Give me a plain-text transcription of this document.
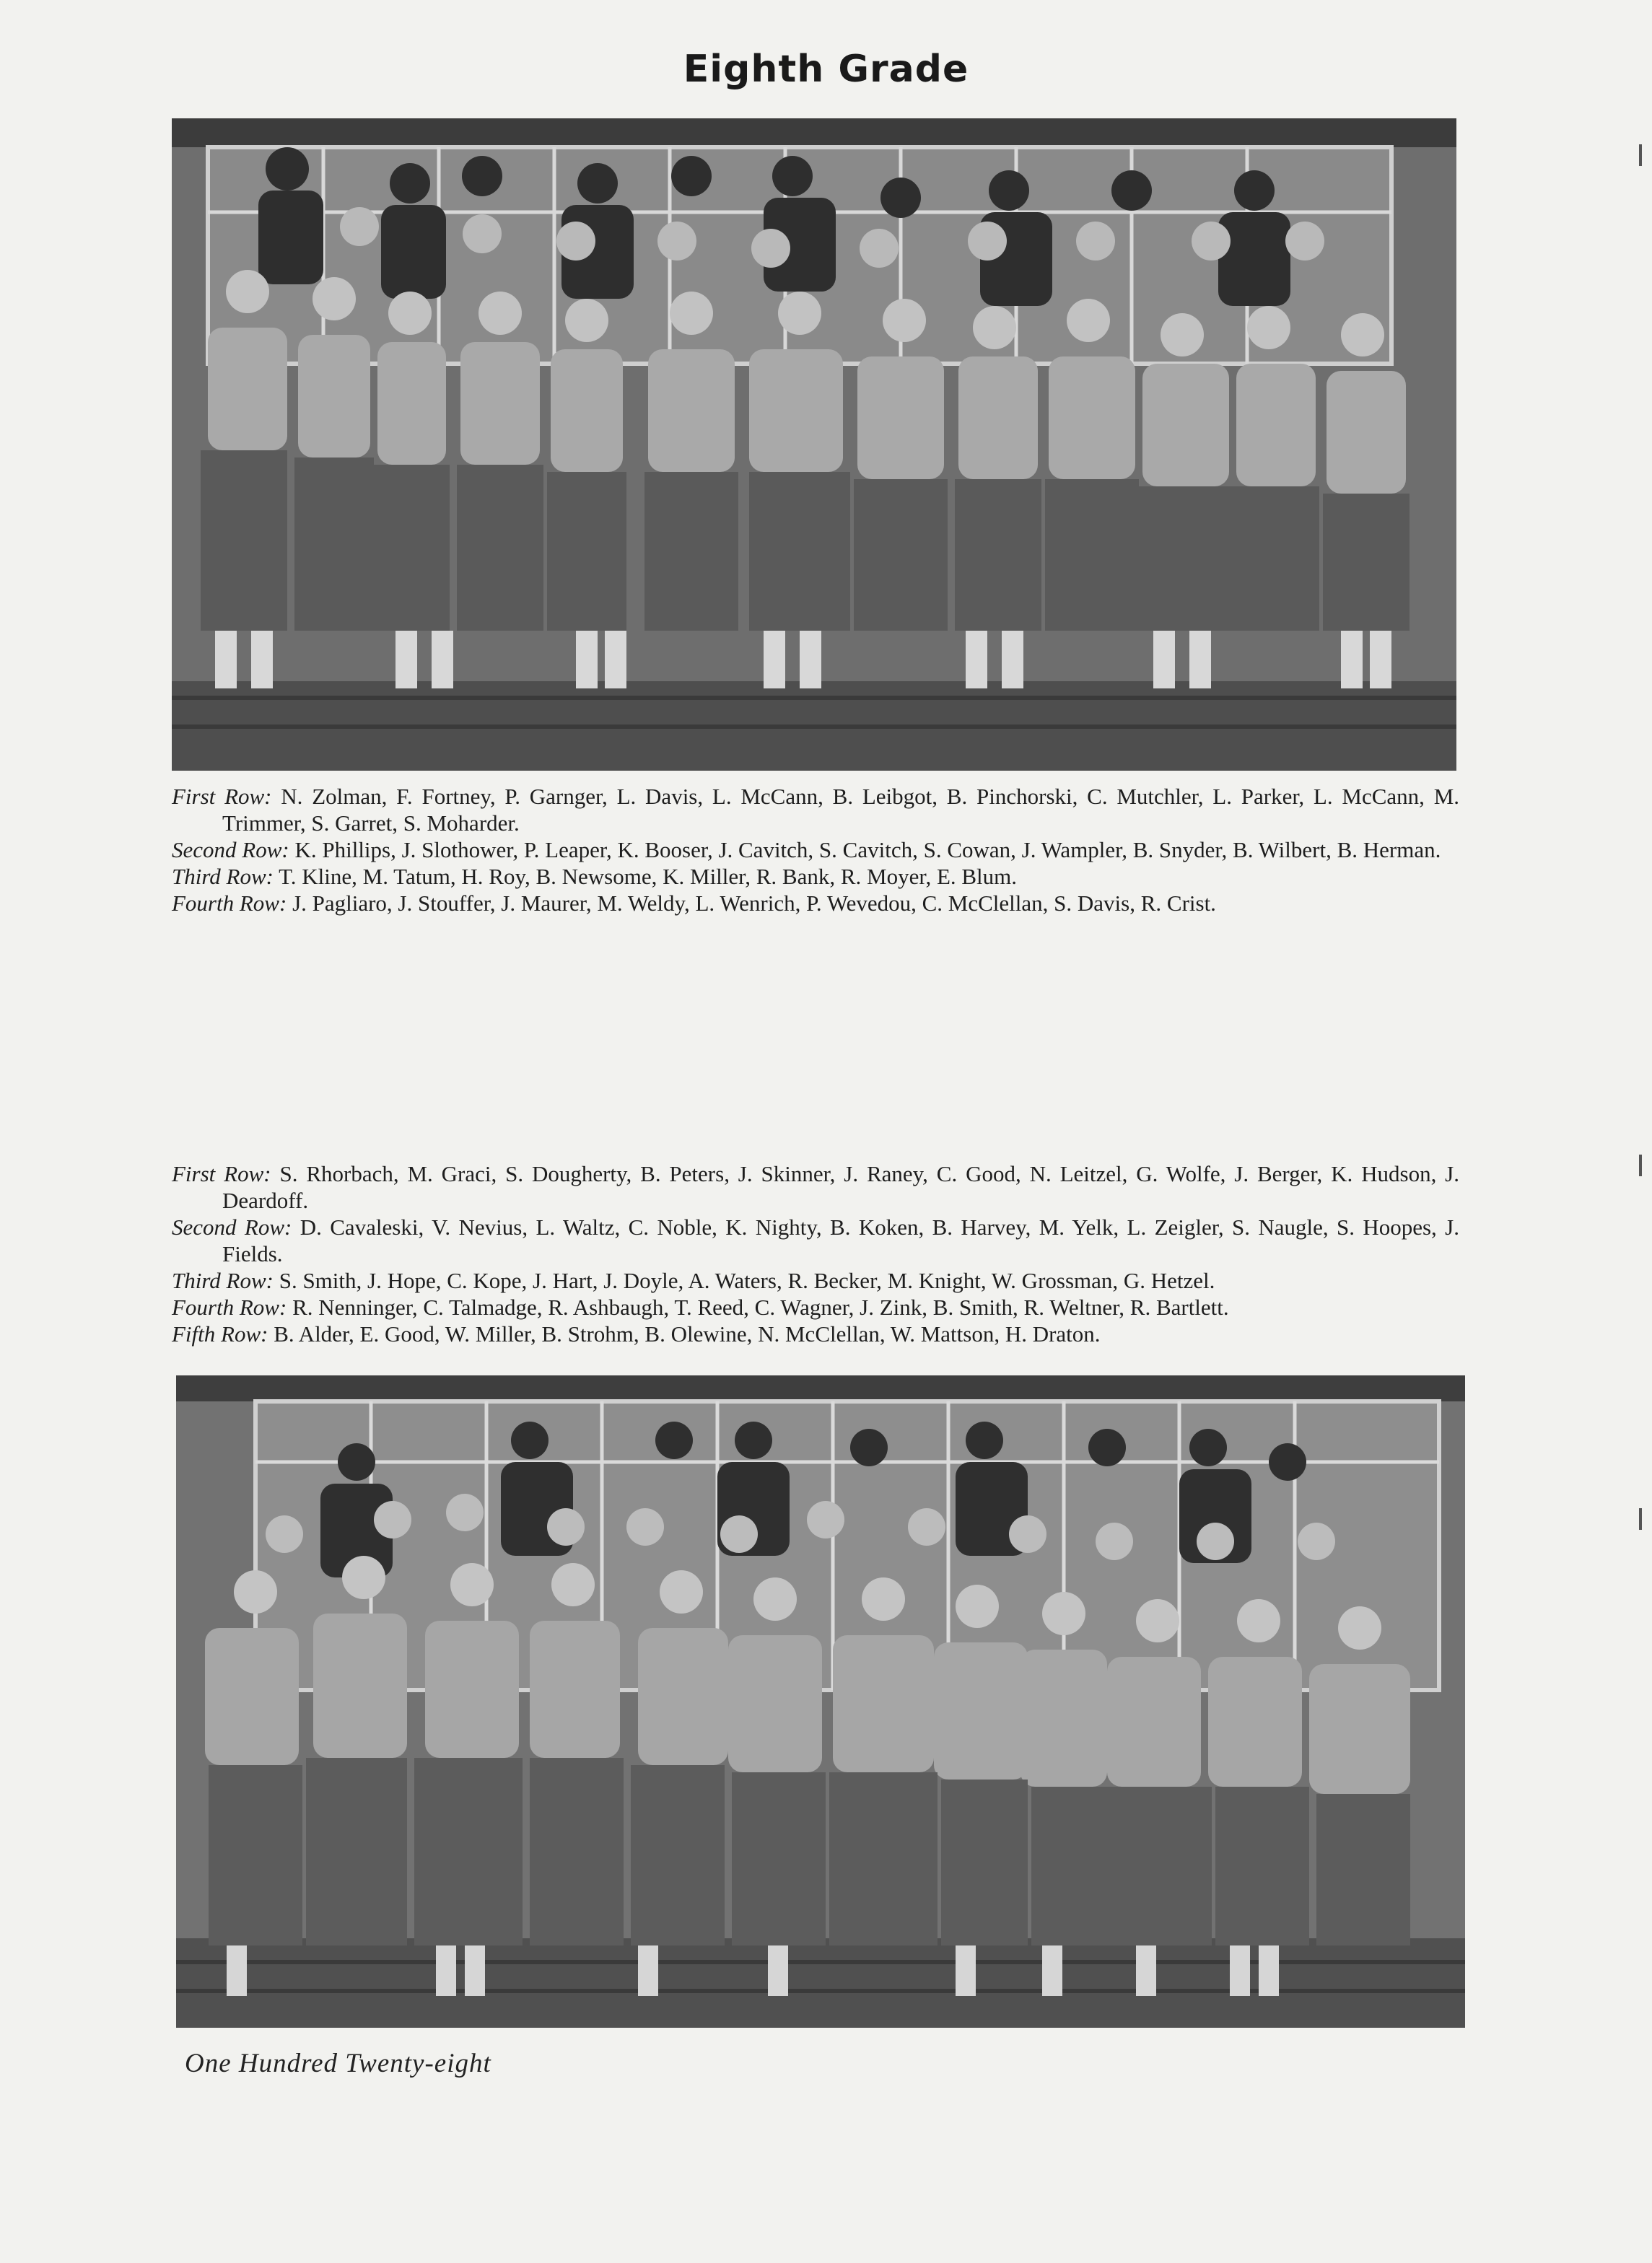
Eighth Grade

First Row: N. Zolman, F. Fortney, P. Garnger, L. Davis, L. McCann, B. Leibgot, B. Pinchorski, C. Mutchler, L. Parker, L. McCann, M. Trimmer, S. Garret, S. Moharder.

Second Row: K. Phillips, J. Slothower, P. Leaper, K. Booser, J. Cavitch, S. Cavitch, S. Cowan, J. Wampler, B. Snyder, B. Wilbert, B. Herman.

Third Row: T. Kline, M. Tatum, H. Roy, B. Newsome, K. Miller, R. Bank, R. Moyer, E. Blum.

Fourth Row: J. Pagliaro, J. Stouffer, J. Maurer, M. Weldy, L. Wenrich, P. Wevedou, C. McClellan, S. Davis, R. Crist.

First Row: S. Rhorbach, M. Graci, S. Dougherty, B. Peters, J. Skinner, J. Raney, C. Good, N. Leitzel, G. Wolfe, J. Berger, K. Hudson, J. Deardoff.

Second Row: D. Cavaleski, V. Nevius, L. Waltz, C. Noble, K. Nighty, B. Koken, B. Harvey, M. Yelk, L. Zeigler, S. Naugle, S. Hoopes, J. Fields.

Third Row: S. Smith, J. Hope, C. Kope, J. Hart, J. Doyle, A. Waters, R. Becker, M. Knight, W. Grossman, G. Hetzel.

Fourth Row: R. Nenninger, C. Talmadge, R. Ashbaugh, T. Reed, C. Wagner, J. Zink, B. Smith, R. Weltner, R. Bartlett.

Fifth Row: B. Alder, E. Good, W. Miller, B. Strohm, B. Olewine, N. McClellan, W. Mattson, H. Draton.

One Hundred Twenty-eight
